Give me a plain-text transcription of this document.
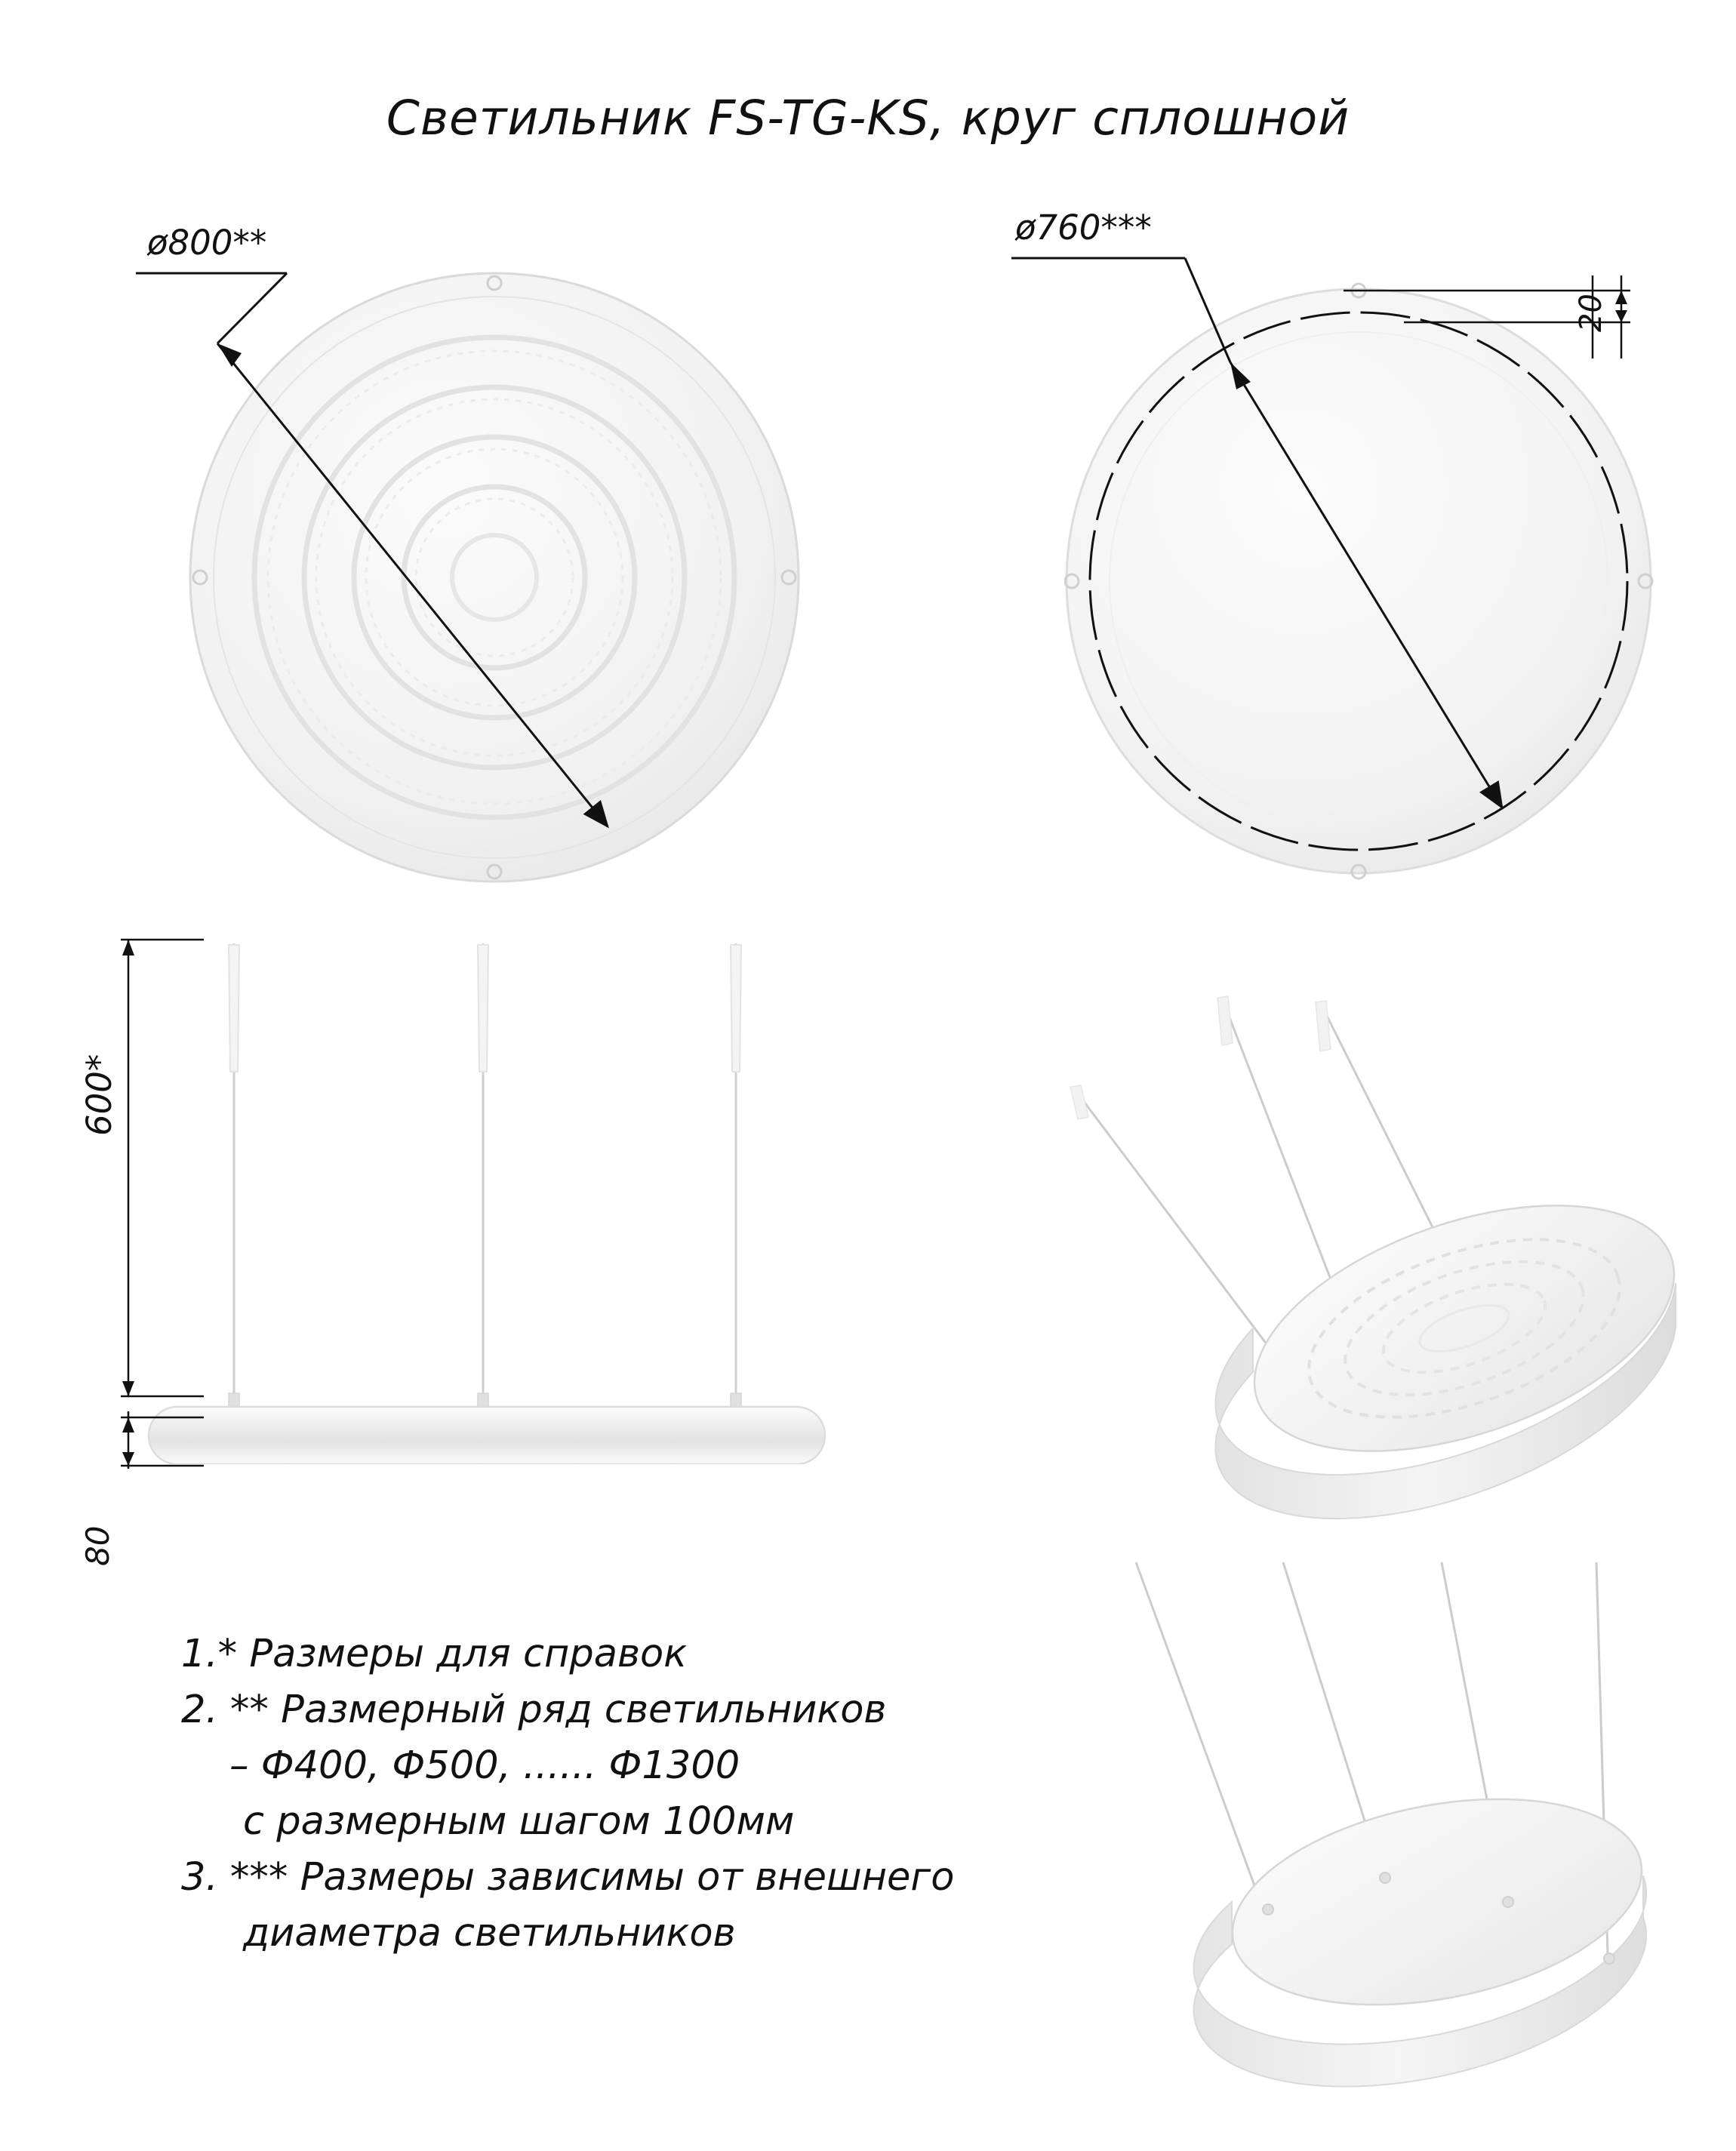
Светильник FS-TG-KS, круг сплошной
ø800**	ø760***
20
600*
80
1.* Размеры для справок
2. ** Размерный ряд светильников
– Ф400, Ф500, ...... Ф1300
с размерным шагом 100мм
3. *** Размеры зависимы от внешнего
диаметра светильников
